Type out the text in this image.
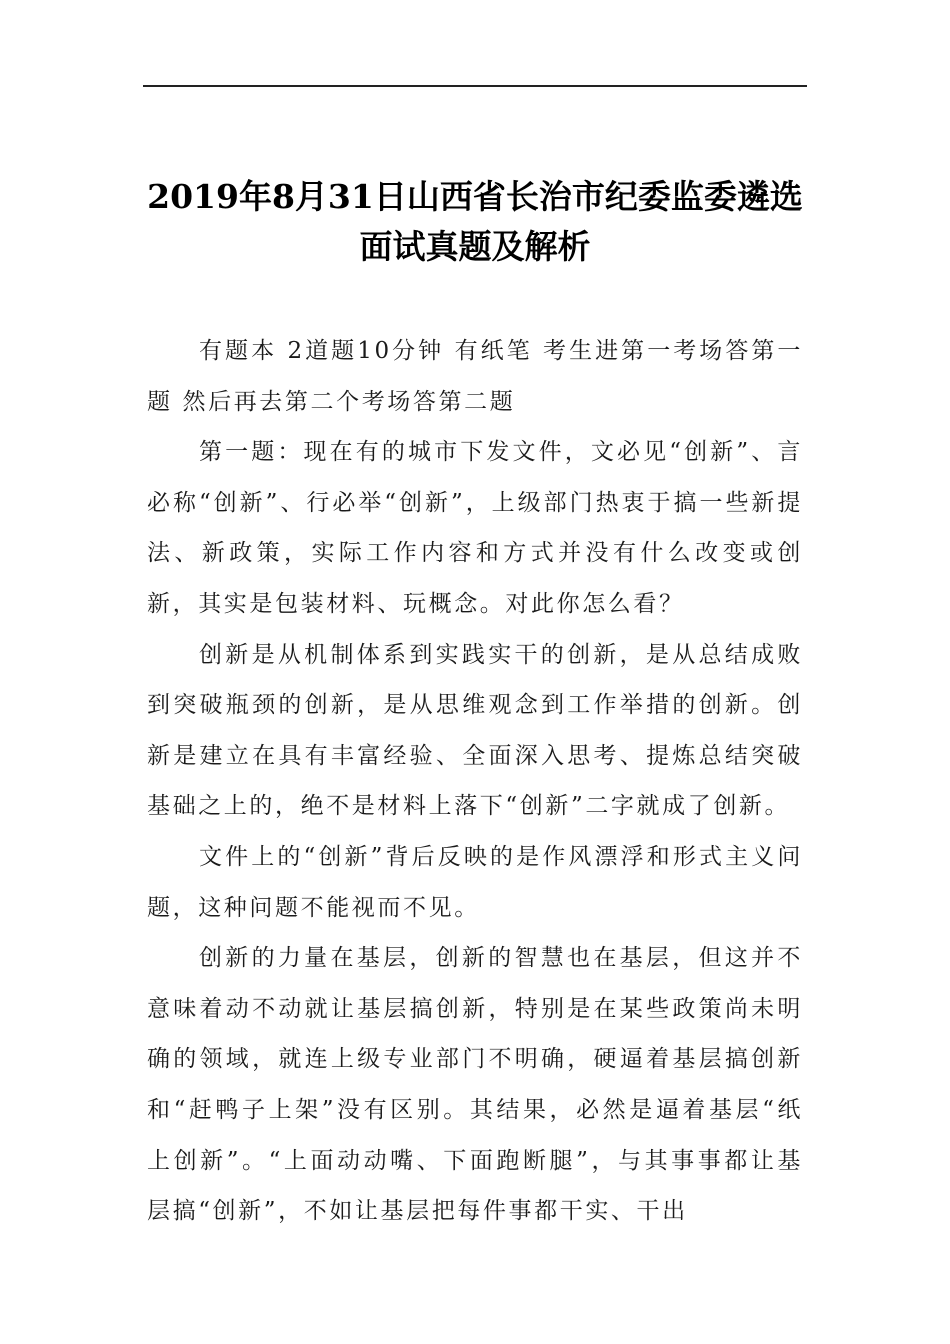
2019年8月31日山西省长治市纪委监委遴选面试真题及解析

有题本 2道题10分钟 有纸笔 考生进第一考场答第一题 然后再去第二个考场答第二题

第一题：现在有的城市下发文件，文必见“创新”、言必称“创新”、行必举“创新”，上级部门热衷于搞一些新提法、新政策，实际工作内容和方式并没有什么改变或创新，其实是包装材料、玩概念。对此你怎么看？

创新是从机制体系到实践实干的创新，是从总结成败到突破瓶颈的创新，是从思维观念到工作举措的创新。创新是建立在具有丰富经验、全面深入思考、提炼总结突破基础之上的，绝不是材料上落下“创新”二字就成了创新。

文件上的“创新”背后反映的是作风漂浮和形式主义问题，这种问题不能视而不见。

创新的力量在基层，创新的智慧也在基层，但这并不意味着动不动就让基层搞创新，特别是在某些政策尚未明确的领域，就连上级专业部门不明确，硬逼着基层搞创新和“赶鸭子上架”没有区别。其结果，必然是逼着基层“纸上创新”。“上面动动嘴、下面跑断腿”，与其事事都让基层搞“创新”，不如让基层把每件事都干实、干出
